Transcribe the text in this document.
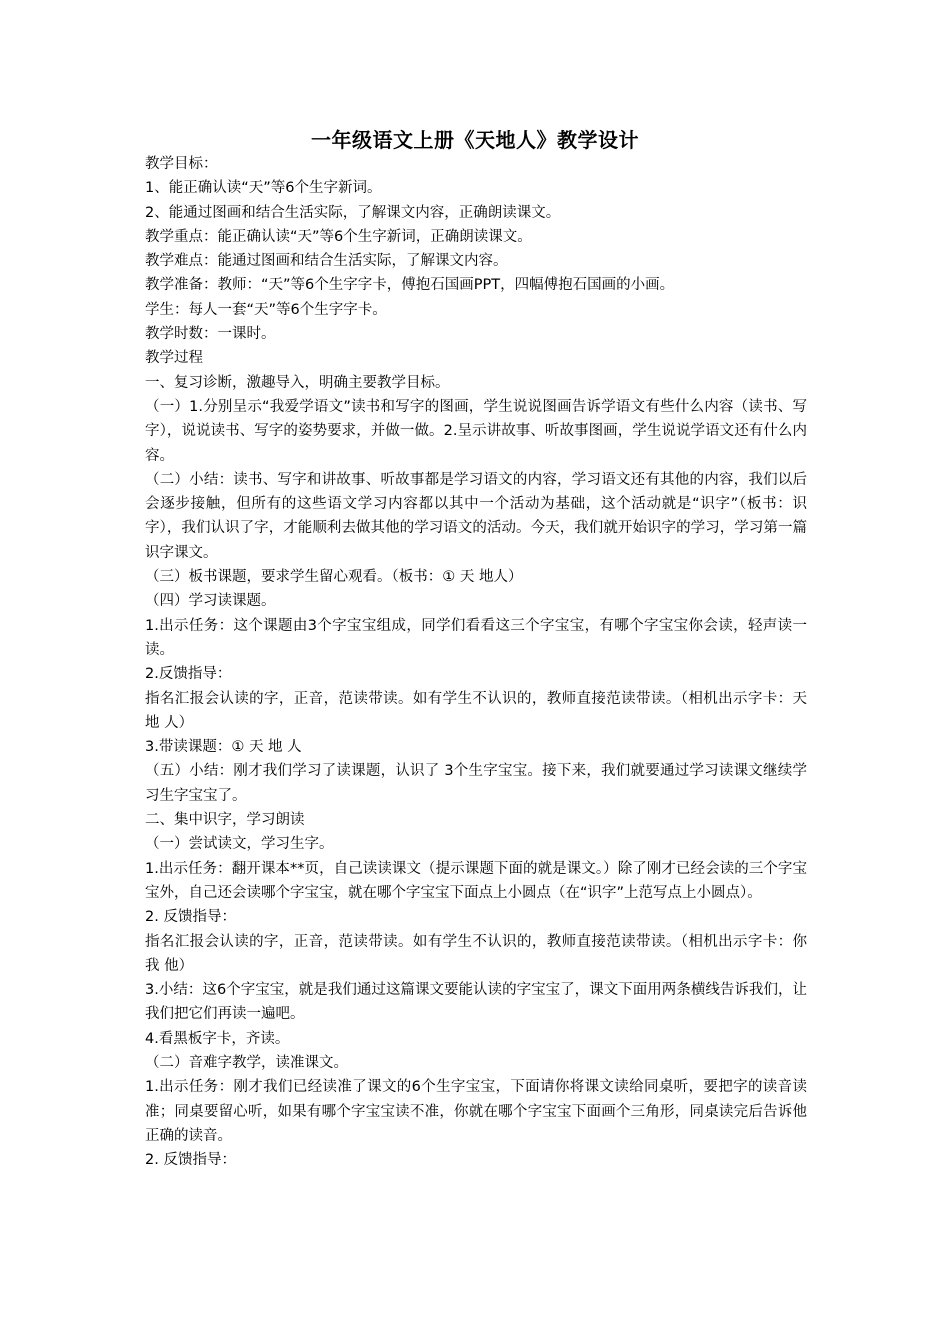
一年级语文上册《天地人》教学设计

教学目标：

1、能正确认读“天”等6个生字新词。

2、能通过图画和结合生活实际，了解课文内容，正确朗读课文。

教学重点：能正确认读“天”等6个生字新词，正确朗读课文。

教学难点：能通过图画和结合生活实际，了解课文内容。

教学准备：教师：“天”等6个生字字卡，傅抱石国画PPT，四幅傅抱石国画的小画。

学生：每人一套“天”等6个生字字卡。

教学时数：一课时。

教学过程

一、复习诊断，激趣导入，明确主要教学目标。

（一）1.分别呈示“我爱学语文”读书和写字的图画，学生说说图画告诉学语文有些什么内容（读书、写字），说说读书、写字的姿势要求，并做一做。2.呈示讲故事、听故事图画，学生说说学语文还有什么内容。

（二）小结：读书、写字和讲故事、听故事都是学习语文的内容，学习语文还有其他的内容，我们以后会逐步接触，但所有的这些语文学习内容都以其中一个活动为基础，这个活动就是“识字”（板书：识字），我们认识了字，才能顺利去做其他的学习语文的活动。今天，我们就开始识字的学习，学习第一篇识字课文。

（三）板书课题，要求学生留心观看。（板书：① 天 地人）

（四）学习读课题。

1.出示任务：这个课题由3个字宝宝组成，同学们看看这三个字宝宝，有哪个字宝宝你会读，轻声读一读。

2.反馈指导：

指名汇报会认读的字，正音，范读带读。如有学生不认识的，教师直接范读带读。（相机出示字卡：天 地 人）

3.带读课题：① 天 地 人

（五）小结：刚才我们学习了读课题，认识了 3个生字宝宝。接下来，我们就要通过学习读课文继续学习生字宝宝了。

二、集中识字，学习朗读

（一）尝试读文，学习生字。

1.出示任务：翻开课本**页，自己读读课文（提示课题下面的就是课文。）除了刚才已经会读的三个字宝宝外，自己还会读哪个字宝宝，就在哪个字宝宝下面点上小圆点（在“识字”上范写点上小圆点）。

2. 反馈指导：

指名汇报会认读的字，正音，范读带读。如有学生不认识的，教师直接范读带读。（相机出示字卡：你 我 他）

3.小结：这6个字宝宝，就是我们通过这篇课文要能认读的字宝宝了，课文下面用两条横线告诉我们，让我们把它们再读一遍吧。

4.看黑板字卡，齐读。

（二）音难字教学，读准课文。

1.出示任务：刚才我们已经读准了课文的6个生字宝宝，下面请你将课文读给同桌听，要把字的读音读准；同桌要留心听，如果有哪个字宝宝读不准，你就在哪个字宝宝下面画个三角形，同桌读完后告诉他正确的读音。

2. 反馈指导：
